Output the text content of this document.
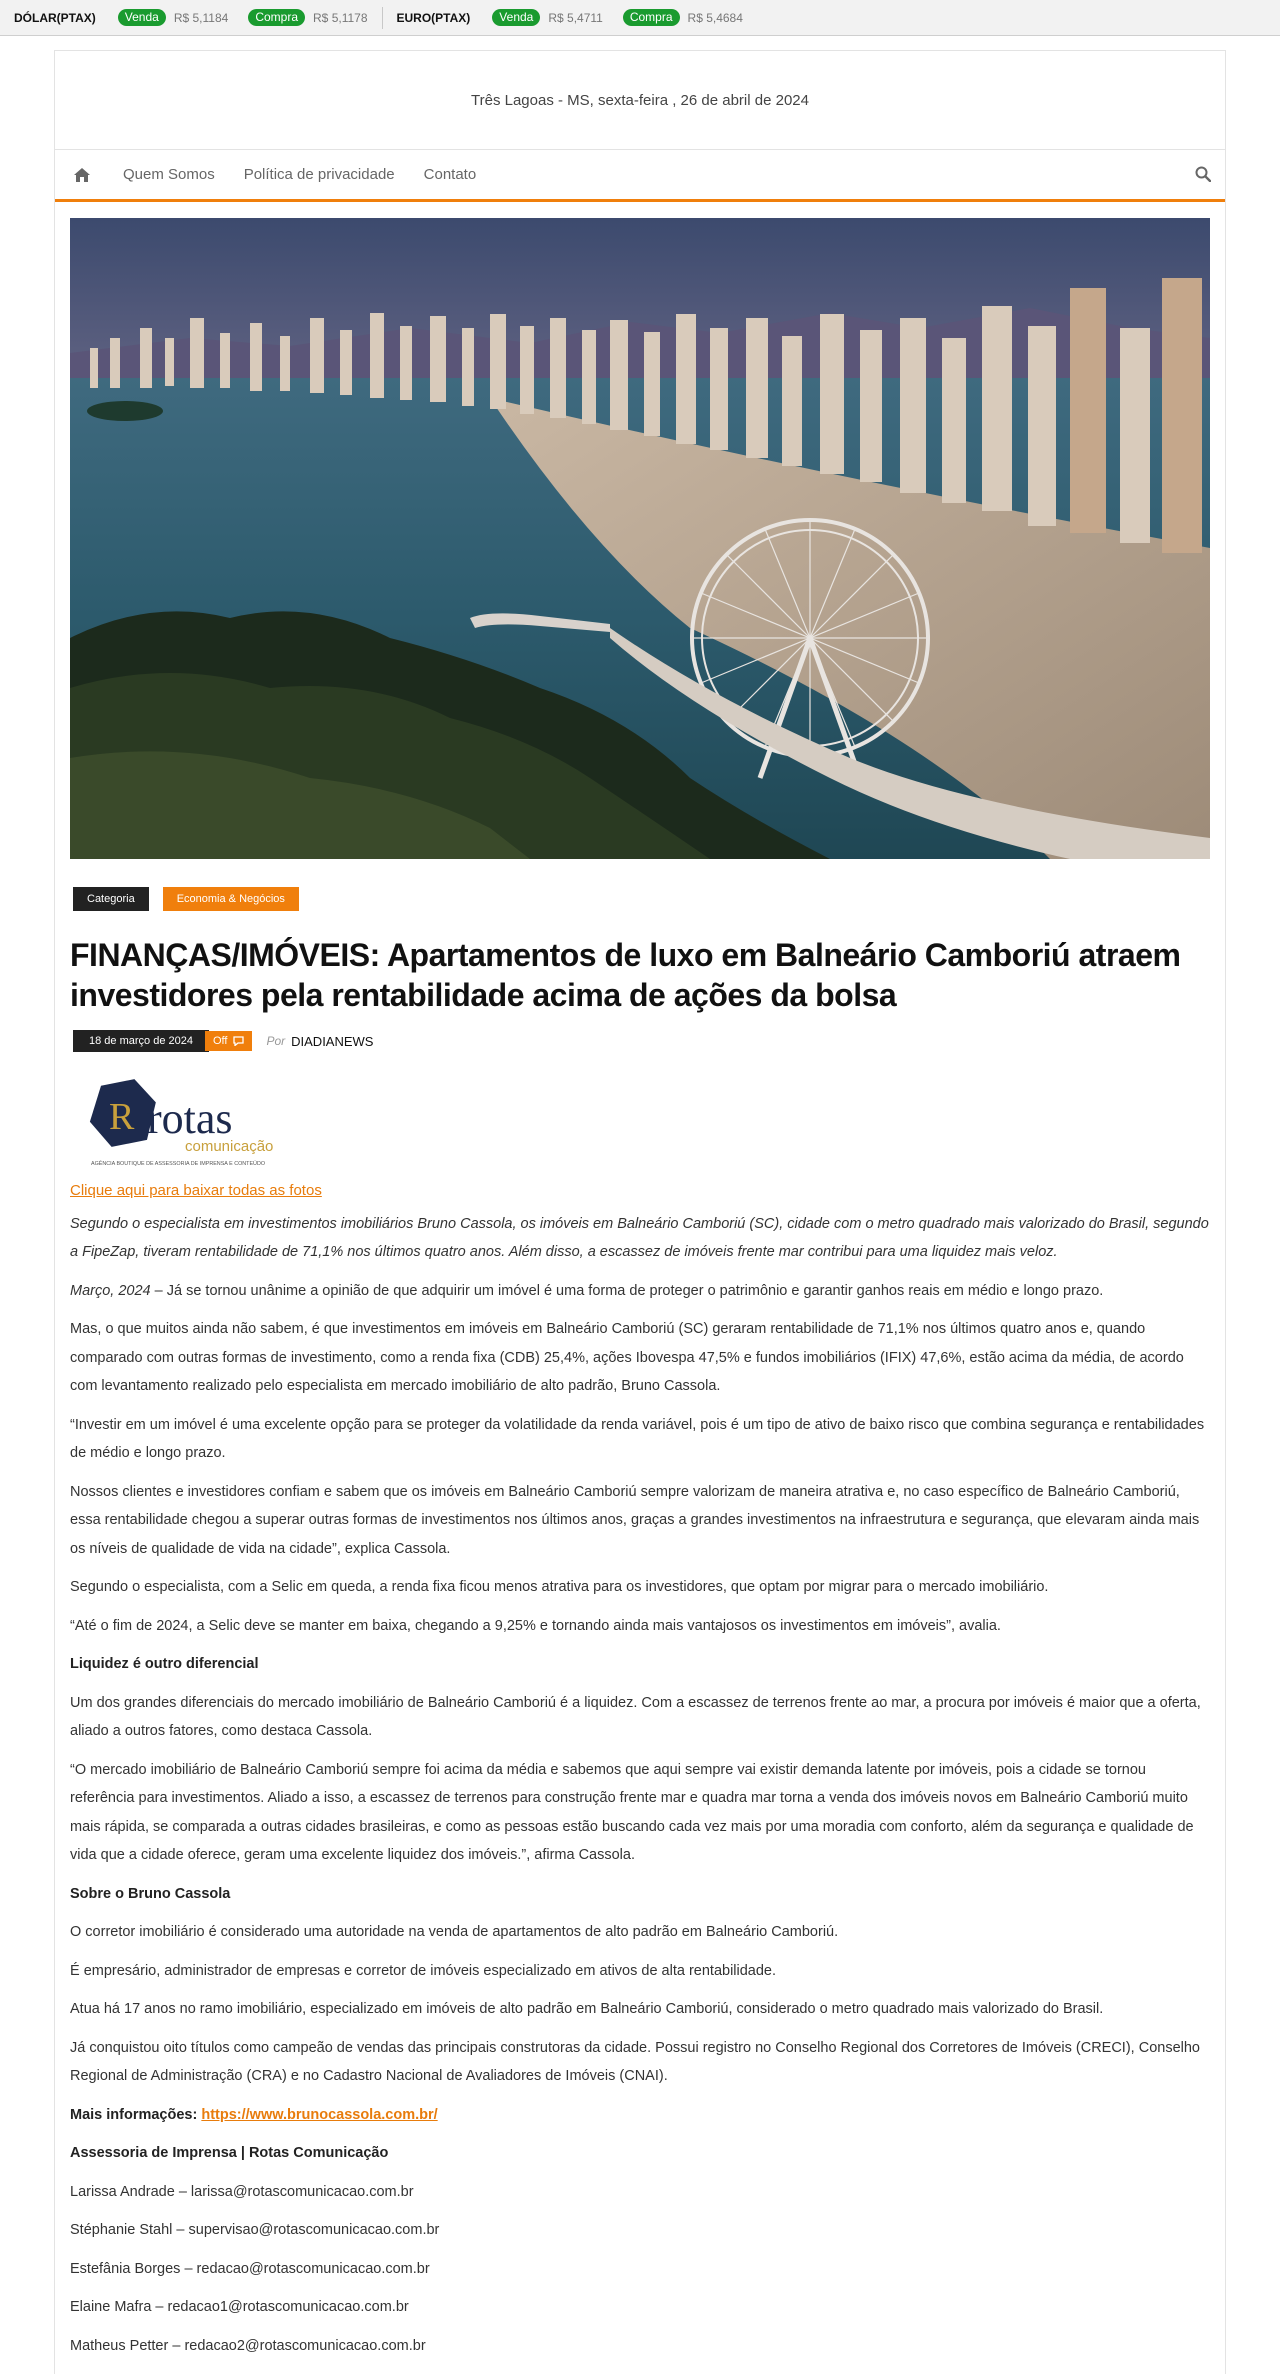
DÓLAR(PTAX)	Venda	R$ 5,1184	Compra	R$ 5,1178 EURO(PTAX)	Venda	R$ 5,4711	Compra	R$ 5,4684
Três Lagoas - MS, sexta-feira , 26 de abril de 2024
Quem Somos Política de privacidade Contato
Categoria	Economia & Negócios
FINANÇAS/IMÓVEIS: Apartamentos de luxo em Balneário Camboriú atraem investidores pela rentabilidade acima de ações da bolsa
18 de março de 2024	Off	Por DIADIANEWS
R rotas
comunicação
AGÊNCIA BOUTIQUE DE ASSESSORIA DE IMPRENSA E CONTEÚDO

Clique aqui para baixar todas as fotos

Segundo o especialista em investimentos imobiliários Bruno Cassola, os imóveis em Balneário Camboriú (SC), cidade com o metro quadrado mais valorizado do Brasil, segundo a FipeZap, tiveram rentabilidade de 71,1% nos últimos quatro anos. Além disso, a escassez de imóveis frente mar contribui para uma liquidez mais veloz.

Março, 2024 – Já se tornou unânime a opinião de que adquirir um imóvel é uma forma de proteger o patrimônio e garantir ganhos reais em médio e longo prazo.

Mas, o que muitos ainda não sabem, é que investimentos em imóveis em Balneário Camboriú (SC) geraram rentabilidade de 71,1% nos últimos quatro anos e, quando comparado com outras formas de investimento, como a renda fixa (CDB) 25,4%, ações Ibovespa 47,5% e fundos imobiliários (IFIX) 47,6%, estão acima da média, de acordo com levantamento realizado pelo especialista em mercado imobiliário de alto padrão, Bruno Cassola.

“Investir em um imóvel é uma excelente opção para se proteger da volatilidade da renda variável, pois é um tipo de ativo de baixo risco que combina segurança e rentabilidades de médio e longo prazo.

Nossos clientes e investidores confiam e sabem que os imóveis em Balneário Camboriú sempre valorizam de maneira atrativa e, no caso específico de Balneário Camboriú, essa rentabilidade chegou a superar outras formas de investimentos nos últimos anos, graças a grandes investimentos na infraestrutura e segurança, que elevaram ainda mais os níveis de qualidade de vida na cidade”, explica Cassola.

Segundo o especialista, com a Selic em queda, a renda fixa ficou menos atrativa para os investidores, que optam por migrar para o mercado imobiliário.

“Até o fim de 2024, a Selic deve se manter em baixa, chegando a 9,25% e tornando ainda mais vantajosos os investimentos em imóveis”, avalia.

Liquidez é outro diferencial

Um dos grandes diferenciais do mercado imobiliário de Balneário Camboriú é a liquidez. Com a escassez de terrenos frente ao mar, a procura por imóveis é maior que a oferta, aliado a outros fatores, como destaca Cassola.

“O mercado imobiliário de Balneário Camboriú sempre foi acima da média e sabemos que aqui sempre vai existir demanda latente por imóveis, pois a cidade se tornou referência para investimentos. Aliado a isso, a escassez de terrenos para construção frente mar e quadra mar torna a venda dos imóveis novos em Balneário Camboriú muito mais rápida, se comparada a outras cidades brasileiras, e como as pessoas estão buscando cada vez mais por uma moradia com conforto, além da segurança e qualidade de vida que a cidade oferece, geram uma excelente liquidez dos imóveis.”, afirma Cassola.

Sobre o Bruno Cassola

O corretor imobiliário é considerado uma autoridade na venda de apartamentos de alto padrão em Balneário Camboriú.

É empresário, administrador de empresas e corretor de imóveis especializado em ativos de alta rentabilidade.

Atua há 17 anos no ramo imobiliário, especializado em imóveis de alto padrão em Balneário Camboriú, considerado o metro quadrado mais valorizado do Brasil.

Já conquistou oito títulos como campeão de vendas das principais construtoras da cidade. Possui registro no Conselho Regional dos Corretores de Imóveis (CRECI), Conselho Regional de Administração (CRA) e no Cadastro Nacional de Avaliadores de Imóveis (CNAI).

Mais informações: https://www.brunocassola.com.br/

Assessoria de Imprensa | Rotas Comunicação

Larissa Andrade – larissa@rotascomunicacao.com.br

Stéphanie Stahl – supervisao@rotascomunicacao.com.br

Estefânia Borges – redacao@rotascomunicacao.com.br

Elaine Mafra – redacao1@rotascomunicacao.com.br

Matheus Petter – redacao2@rotascomunicacao.com.br
